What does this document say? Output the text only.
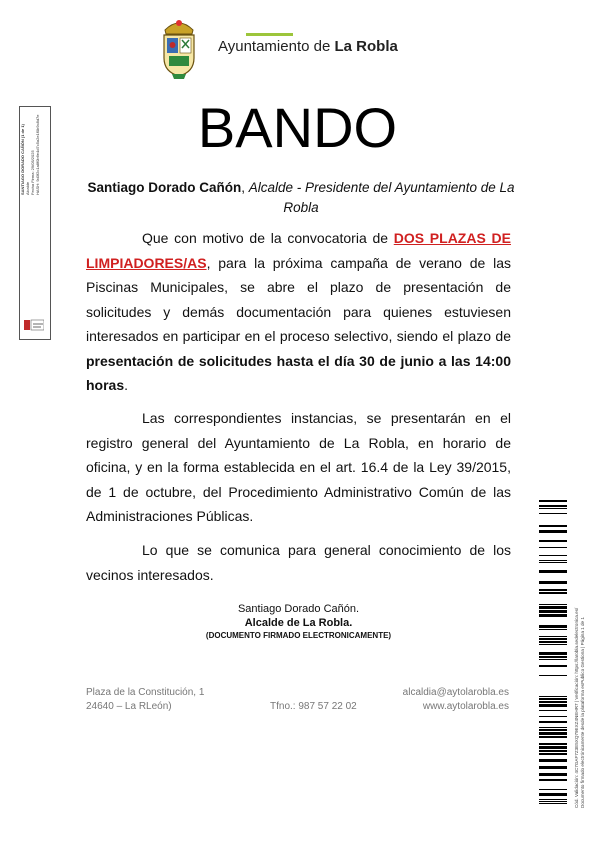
Ayuntamiento de La Robla
BANDO
Santiago Dorado Cañón, Alcalde - Presidente del Ayuntamiento de La Robla
Que con motivo de la convocatoria de DOS PLAZAS DE LIMPIADORES/AS, para la próxima campaña de verano de las Piscinas Municipales, se abre el plazo de presentación de solicitudes y demás documentación para quienes estuviesen interesados en participar en el proceso selectivo, siendo el plazo de presentación de solicitudes hasta el día 30 de junio a las 14:00 horas.
Las correspondientes instancias, se presentarán en el registro general del Ayuntamiento de La Robla, en horario de oficina, y en la forma establecida en el art. 16.4 de la Ley 39/2015, de 1 de octubre, del Procedimiento Administrativo Común de las Administraciones Públicas.
Lo que se comunica para general conocimiento de los vecinos interesados.
Santiago Dorado Cañón.
Alcalde de La Robla.
(DOCUMENTO FIRMADO ELECTRONICAMENTE)
Plaza de la Constitución, 1
24640 – La RLeón)	Tfno.: 987 57 22 02
alcaldia@aytolarobla.es
www.aytolarobla.es
SANTIAGO DORADO CAÑÓN (1 de 1) Alcalde Fecha Firma: 29/05/2025 HASH: 9d3f2c1a8f0b6e4d7c5a2e1f0b9c8d7e
Cód. Validación: 4C7GAF7Z3E5XQ79EXZ4NEHR7 | Verificación: https://larobla.sedelectronica.es/ Documento firmado electrónicamente desde la plataforma esPublico Gestiona | Página 1 de 1
